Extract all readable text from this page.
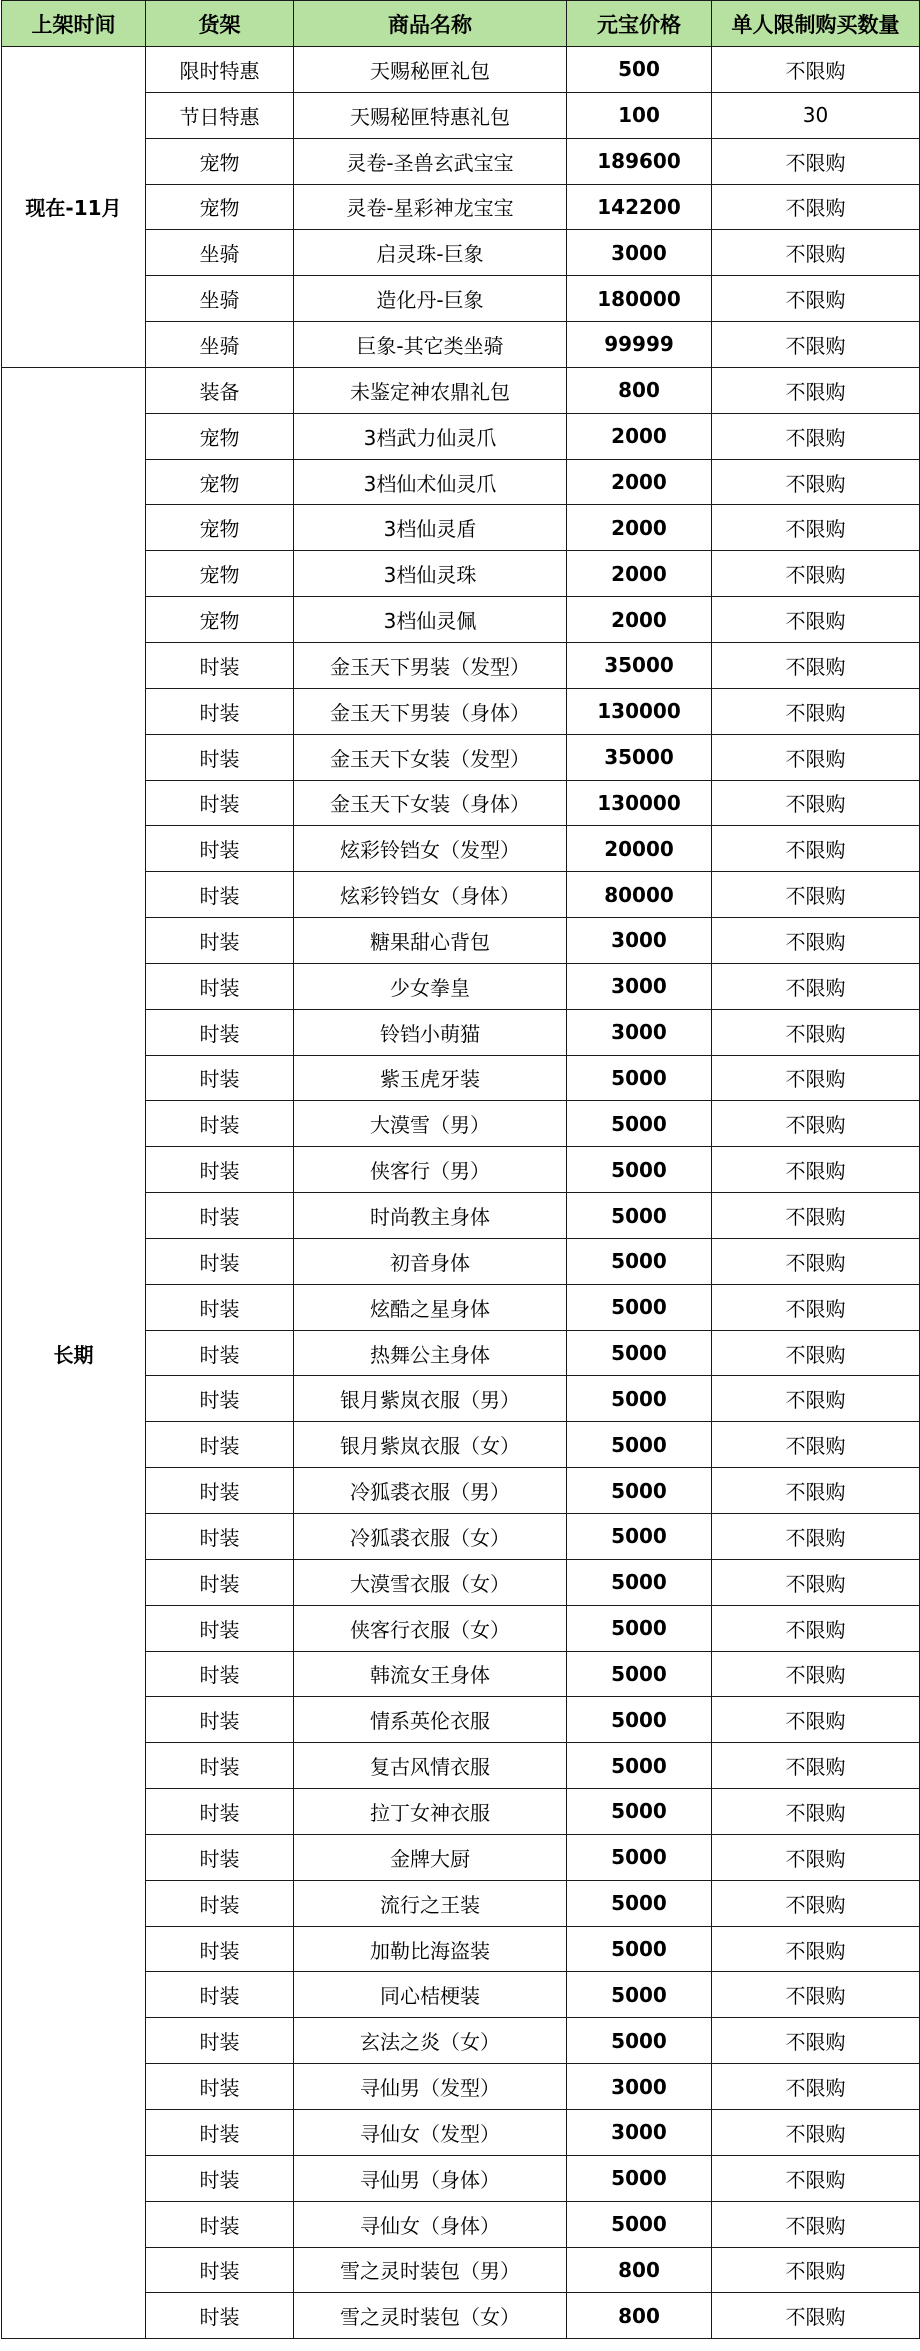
上架时间	货架	商品名称	元宝价格	单人限制购买数量
现在-11月	限时特惠	天赐秘匣礼包	500	不限购
	节日特惠	天赐秘匣特惠礼包	100	30
	宠物	灵卷-圣兽玄武宝宝	189600	不限购
	宠物	灵卷-星彩神龙宝宝	142200	不限购
	坐骑	启灵珠-巨象	3000	不限购
	坐骑	造化丹-巨象	180000	不限购
	坐骑	巨象-其它类坐骑	99999	不限购
长期	装备	未鉴定神农鼎礼包	800	不限购
	宠物	3档武力仙灵爪	2000	不限购
	宠物	3档仙术仙灵爪	2000	不限购
	宠物	3档仙灵盾	2000	不限购
	宠物	3档仙灵珠	2000	不限购
	宠物	3档仙灵佩	2000	不限购
	时装	金玉天下男装（发型）	35000	不限购
	时装	金玉天下男装（身体）	130000	不限购
	时装	金玉天下女装（发型）	35000	不限购
	时装	金玉天下女装（身体）	130000	不限购
	时装	炫彩铃铛女（发型）	20000	不限购
	时装	炫彩铃铛女（身体）	80000	不限购
	时装	糖果甜心背包	3000	不限购
	时装	少女拳皇	3000	不限购
	时装	铃铛小萌猫	3000	不限购
	时装	紫玉虎牙装	5000	不限购
	时装	大漠雪（男）	5000	不限购
	时装	侠客行（男）	5000	不限购
	时装	时尚教主身体	5000	不限购
	时装	初音身体	5000	不限购
	时装	炫酷之星身体	5000	不限购
	时装	热舞公主身体	5000	不限购
	时装	银月紫岚衣服（男）	5000	不限购
	时装	银月紫岚衣服（女）	5000	不限购
	时装	冷狐裘衣服（男）	5000	不限购
	时装	冷狐裘衣服（女）	5000	不限购
	时装	大漠雪衣服（女）	5000	不限购
	时装	侠客行衣服（女）	5000	不限购
	时装	韩流女王身体	5000	不限购
	时装	情系英伦衣服	5000	不限购
	时装	复古风情衣服	5000	不限购
	时装	拉丁女神衣服	5000	不限购
	时装	金牌大厨	5000	不限购
	时装	流行之王装	5000	不限购
	时装	加勒比海盗装	5000	不限购
	时装	同心桔梗装	5000	不限购
	时装	玄法之炎（女）	5000	不限购
	时装	寻仙男（发型）	3000	不限购
	时装	寻仙女（发型）	3000	不限购
	时装	寻仙男（身体）	5000	不限购
	时装	寻仙女（身体）	5000	不限购
	时装	雪之灵时装包（男）	800	不限购
	时装	雪之灵时装包（女）	800	不限购
